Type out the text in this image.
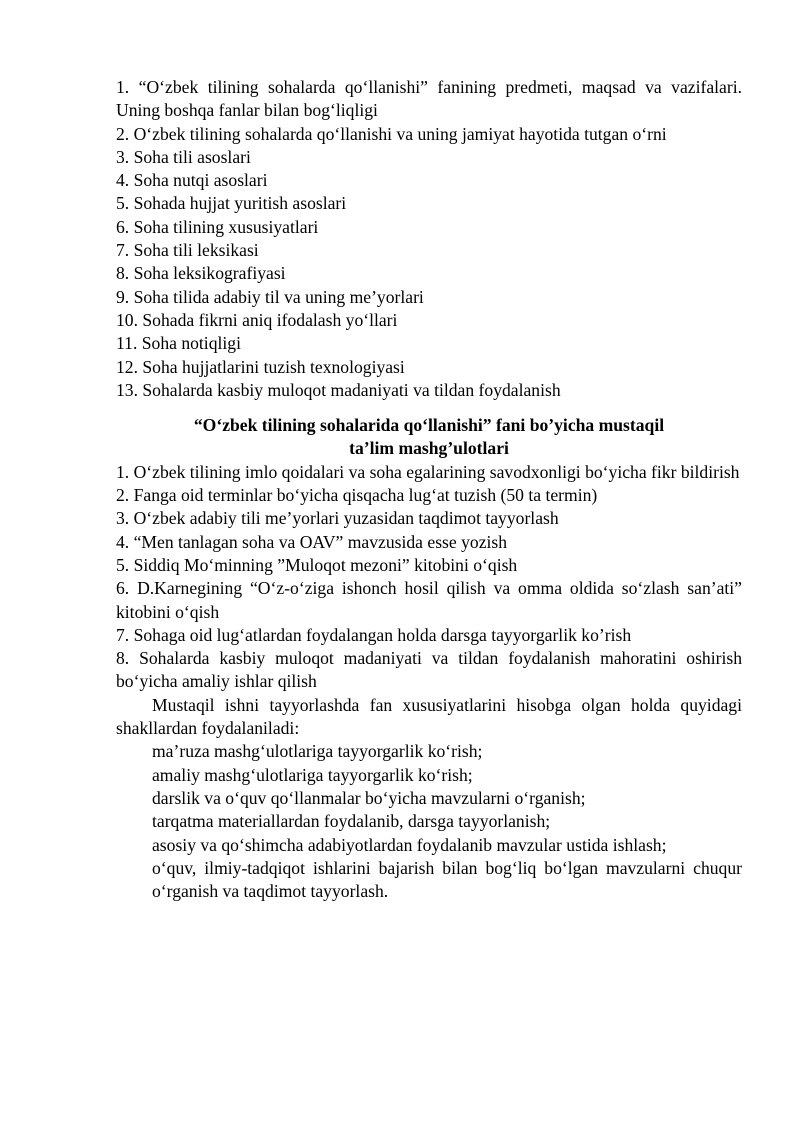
1. “O‘zbek tilining sohalarda qo‘llanishi” fanining predmeti, maqsad va vazifalari. Uning boshqa fanlar bilan bog‘liqligi

2. O‘zbek tilining sohalarda qo‘llanishi va uning jamiyat hayotida tutgan o‘rni

3. Soha tili asoslari

4. Soha nutqi asoslari

5. Sohada hujjat yuritish asoslari

6. Soha tilining xususiyatlari

7. Soha tili leksikasi

8. Soha leksikografiyasi

9. Soha tilida adabiy til va uning me’yorlari

10. Sohada fikrni aniq ifodalash yo‘llari

11. Soha notiqligi

12. Soha hujjatlarini tuzish texnologiyasi

13. Sohalarda kasbiy muloqot madaniyati va tildan foydalanish

“O‘zbek tilining sohalarida qo‘llanishi” fani bo’yicha mustaqil
ta’lim mashg’ulotlari

1. O‘zbek tilining imlo qoidalari va soha egalarining savodxonligi bo‘yicha fikr bildirish

2. Fanga oid terminlar bo‘yicha qisqacha lug‘at tuzish (50 ta termin)

3. O‘zbek adabiy tili me’yorlari yuzasidan taqdimot tayyorlash

4. “Men tanlagan soha va OAV” mavzusida esse yozish

5. Siddiq Mo‘minning ”Muloqot mezoni” kitobini o‘qish

6. D.Karnegining “O‘z-o‘ziga ishonch hosil qilish va omma oldida so‘zlash san’ati” kitobini o‘qish

7. Sohaga oid lug‘atlardan foydalangan holda darsga tayyorgarlik ko’rish

8. Sohalarda kasbiy muloqot madaniyati va tildan foydalanish mahoratini oshirish bo‘yicha amaliy ishlar qilish

Mustaqil ishni tayyorlashda fan xususiyatlarini hisobga olgan holda quyidagi shakllardan foydalaniladi:

ma’ruza mashg‘ulotlariga tayyorgarlik ko‘rish;

amaliy mashg‘ulotlariga tayyorgarlik ko‘rish;

darslik va o‘quv qo‘llanmalar bo‘yicha mavzularni o‘rganish;

tarqatma materiallardan foydalanib, darsga tayyorlanish;

asosiy va qo‘shimcha adabiyotlardan foydalanib mavzular ustida ishlash;

o‘quv, ilmiy-tadqiqot ishlarini bajarish bilan bog‘liq bo‘lgan mavzularni chuqur o‘rganish va taqdimot tayyorlash.
